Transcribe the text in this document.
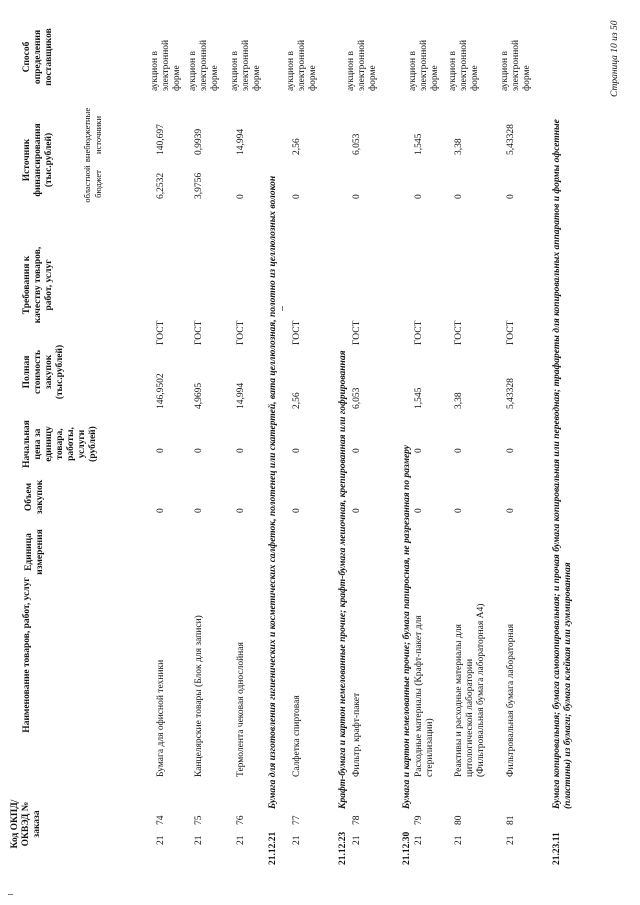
Код ОКПД/ ОКВЭД № заказа
Наименование товаров, работ, услуг
Единица измерения
Объем закупок
Начальная цена за единицу товара, работы, услуги (рублей)
Полная стоимость закупок (тыс.рублей)
Требования к качеству товаров, работ, услуг
Источник финансирования (тыс.рублей)	областной бюджет
внебюджетные источники
Способ определения поставщиков
21
74
Бумага для офисной техники
0
0
146,9502
ГОСТ
6,2532
140,697
аукцион в электронной форме
21
75
Канцелярские товары (Блок для записи)
0
0
4,9695
ГОСТ
3,9756
0,9939
аукцион в электронной форме
21
76
Термолента чековая однослойная
0
0
14,994
ГОСТ
0
14,994
аукцион в электронной форме
21.12.21
Бумага для изготовления гигиенических и косметических салфеток, полотенец или скатертей, вата целлюлозная, полотно из целлюлозных волокон
21
77
Салфетка спиртовая
0
0
2,56
ГОСТ
0
2,56
аукцион в электронной форме
21.12.23
Крафт-бумага и картон немелованные прочие; крафт-бумага мешочная, крепированная или гофрированная
21
78
Фильтр, крафт-пакет
0
0
6,053
ГОСТ
0
6,053
аукцион в электронной форме
21.12.30
Бумага и картон немелованные прочие; бумага папиросная, не разрезанная по размеру
21
79
Расходные материалы (Крафт-пакет для стерилизации)
0
0
1,545
ГОСТ
0
1,545
аукцион в электронной форме
21
80
Реактивы и расходные материалы для цитологической лаборатории (Фильтровальная бумага лабораторная А4)
0
0
3,38
ГОСТ
0
3,38
аукцион в электронной форме
21
81
Фильтровальная бумага лабораторная
0
0
5,43328
ГОСТ
0
5,43328
аукцион в электронной форме
21.23.11
Бумага копировальная; бумага самокопировальная; и прочая бумага копировальная или переводная; трафареты для копировальных аппаратов и формы офсетные (пластины) из бумаги; бумага клейкая или гуммированная
Страница 10 из 50
